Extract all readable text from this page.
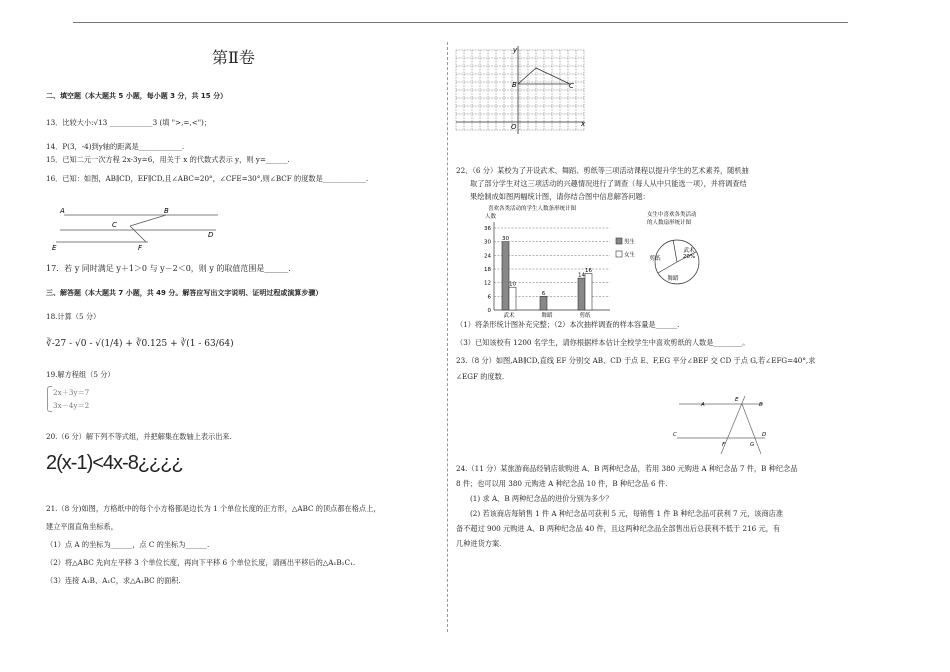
第Ⅱ卷
二、填空题（本大题共 5 小题，每小题 3 分，共 15 分）
13．比较大小:√13 ____________3 (填 ">,=,<")；
14．P(3，-4)到y轴的距离是____________.
15．已知二元一次方程 2x-3y=6，用关于 x 的代数式表示 y，则 y=______.
16．已知：如图，AB∥CD，EF∥CD,且∠ABC=20°，∠CFE=30°,则∠BCF 的度数是____________.
A	B
C
D
E	F
17．若 y 同时满足 y＋1＞0 与 y－2＜0，则 y 的取值范围是______.
三、解答题（本大题共 7 小题，共 49 分。解答应写出文字说明、证明过程或演算步骤）
18.计算（5 分）
∛-27 - √0 - √(1/4) + ∛0.125 + ∛(1 - 63/64)
19.解方程组（5 分）
2x＋3y＝7
3x－4y＝2
20.（6 分）解下列不等式组，并把解集在数轴上表示出来.
2(x-1)<4x-8¿¿¿¿
21.（8 分)如图，方格纸中的每个小方格都是边长为 1 个单位长度的正方形，△ABC 的顶点都在格点上，
建立平面直角坐标系，
（1）点 A 的坐标为______，点 C 的坐标为______.
（2）将△ABC 先向左平移 3 个单位长度，再向下平移 6 个单位长度，请画出平移后的△A₁B₁C₁.
（3）连接 A₁B、A₁C，求△A₁BC 的面积.
y
x
O
B	C
22、（6 分）某校为了开设武术、舞蹈、剪纸等三项活动课程以提升学生的艺术素养，随机抽
取了部分学生对这三项活动的兴趣情况进行了调查（每人从中只能选一项），并将调查结
果绘制成如图两幅统计图，请你结合图中信息解答问题：
喜欢各类活动的学生人数条形统计图
人数
0
6
12
18
24
30
36
30
10
武术
6
舞蹈
14
16
剪纸
男生
女生
女生中喜欢各类活动
的人数扇形统计图
武术
20%
剪纸
舞蹈
（1）将条形统计图补充完整；（2）本次抽样调查的样本容量是______.
（3）已知该校有 1200 名学生，请你根据样本估计全校学生中喜欢剪纸的人数是________。
23.（8 分）如图,AB∥CD,直线 EF 分别交 AB、CD 于点 E、F,EG 平分∠BEF 交 CD 于点 G,若∠EFG=40°,求
∠EGF 的度数.
A
E
B
C
F	G
D
24.（11 分）某旅游商品经销店欲购进 A、B 两种纪念品，若用 380 元购进 A 种纪念品 7 件，B 种纪念品
8 件；也可以用 380 元购进 A 种纪念品 10 件，B 种纪念品 6 件.
(1) 求 A、B 两种纪念品的进价分别为多少？
(2) 若该商店每销售 1 件 A 种纪念品可获利 5 元，每销售 1 件 B 种纪念品可获利 7 元，该商店准
备不超过 900 元购进 A、B 两种纪念品 40 件，且这两种纪念品全部售出后总获利不低于 216 元，有
几种进货方案.
